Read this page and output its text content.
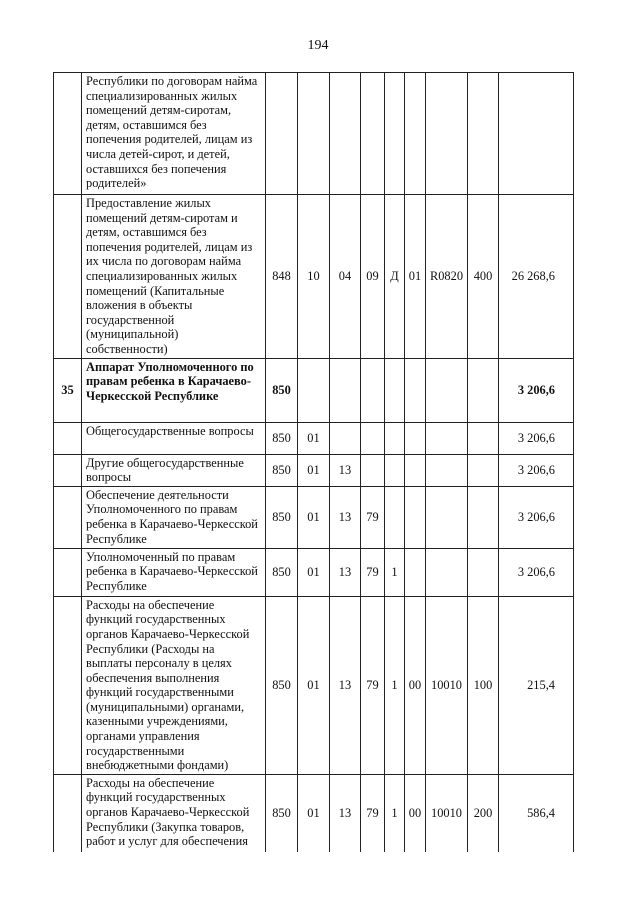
194
	Республики по договорам найма специализированных жилых помещений детям-сиротам, детям, оставшимся без попечения родителей, лицам из числа детей-сирот, и детей, оставшихся без попечения родителей»									
	Предоставление жилых помещений детям-сиротам и детям, оставшимся без попечения родителей, лицам из их числа по договорам найма специализированных жилых помещений (Капитальные вложения в объекты государственной (муниципальной) собственности)	848	10	04	09	Д	01	R0820	400	26 268,6
35	Аппарат Уполномоченного по правам ребенка в Карачаево-Черкесской Республике	850								3 206,6
	Общегосударственные вопросы	850	01							3 206,6
	Другие общегосударственные вопросы	850	01	13						3 206,6
	Обеспечение деятельности Уполномоченного по правам ребенка в Карачаево-Черкесской Республике	850	01	13	79					3 206,6
	Уполномоченный по правам ребенка в Карачаево-Черкесской Республике	850	01	13	79	1				3 206,6
	Расходы на обеспечение функций государственных органов Карачаево-Черкесской Республики (Расходы на выплаты персоналу в целях обеспечения выполнения функций государственными (муниципальными) органами, казенными учреждениями, органами управления государственными внебюджетными фондами)	850	01	13	79	1	00	10010	100	215,4
	Расходы на обеспечение функций государственных органов Карачаево-Черкесской Республики (Закупка товаров, работ и услуг для обеспечения	850	01	13	79	1	00	10010	200	586,4
